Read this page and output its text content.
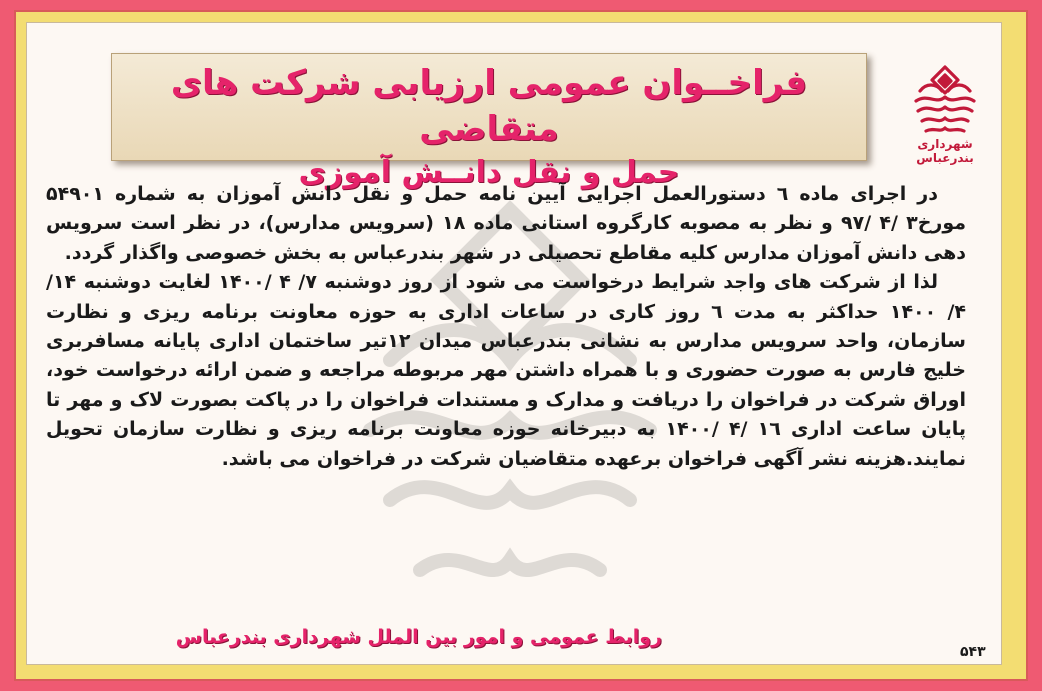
فراخــوان عمومی ارزیابی شرکت های متقاضی
حمل و نقل دانــش آموزی
شهرداری بندرعباس

در اجرای ماده ٦ دستورالعمل اجرایی آیین نامه حمل و نقل دانش آموزان به شماره ۵۴۹۰۱ مورخ۳ /۴ /۹۷ و نظر به مصوبه کارگروه استانی ماده ۱۸ (سرویس مدارس)، در نظر است سرویس دهی دانش آموزان مدارس کلیه مقاطع تحصیلی در شهر بندرعباس به بخش خصوصی واگذار گردد.

لذا از شرکت های واجد شرایط درخواست می شود از روز دوشنبه ۷/ ۴ /۱۴۰۰ لغایت دوشنبه ۱۴/ ۴/ ۱۴۰۰ حداکثر به مدت ٦ روز کاری در ساعات اداری به حوزه معاونت برنامه ریزی و نظارت سازمان، واحد سرویس مدارس به نشانی بندرعباس میدان ۱۲تیر ساختمان اداری پایانه مسافربری خلیج فارس به صورت حضوری و با همراه داشتن مهر مربوطه مراجعه و ضمن ارائه درخواست خود، اوراق شرکت در فراخوان را دریافت و مدارک و مستندات فراخوان را در پاکت بصورت لاک و مهر تا پایان ساعت اداری ۱٦ /۴ /۱۴۰۰ به دبیرخانه حوزه معاونت برنامه ریزی و نظارت سازمان تحویل نمایند.هزینه نشر آگهی فراخوان برعهده متقاضیان شرکت در فراخوان می باشد.

روابط عمومی و امور بین الملل شهرداری بندرعباس
۵۴۳
